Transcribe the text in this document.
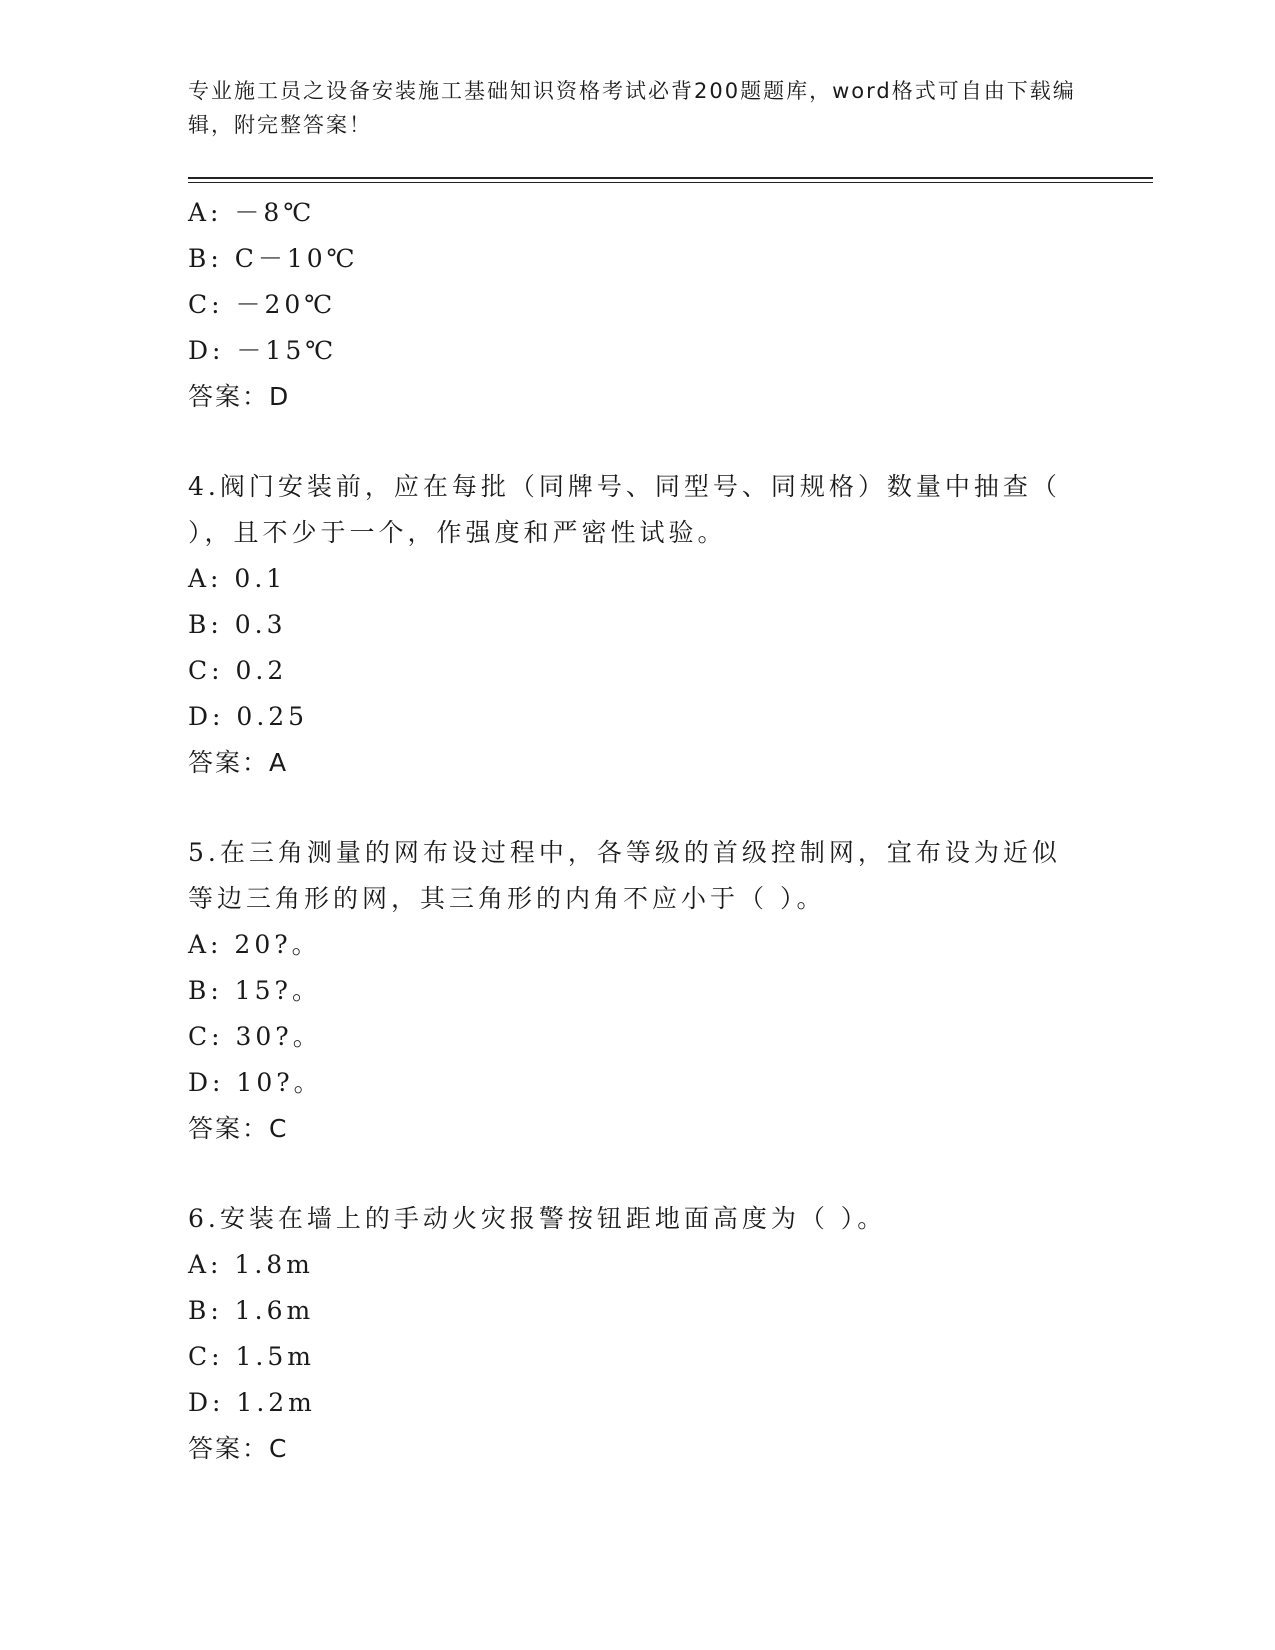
专业施工员之设备安装施工基础知识资格考试必背200题题库，word格式可自由下载编辑，附完整答案！
A: －8℃
B: C－10℃
C: －20℃
D: －15℃
答案：D
4.阀门安装前，应在每批（同牌号、同型号、同规格）数量中抽查（
），且不少于一个，作强度和严密性试验。
A: 0.1
B: 0.3
C: 0.2
D: 0.25
答案：A
5.在三角测量的网布设过程中，各等级的首级控制网，宜布设为近似
等边三角形的网，其三角形的内角不应小于（ ）。
A: 20?。
B: 15?。
C: 30?。
D: 10?。
答案：C
6.安装在墙上的手动火灾报警按钮距地面高度为（ ）。
A: 1.8m
B: 1.6m
C: 1.5m
D: 1.2m
答案：C
